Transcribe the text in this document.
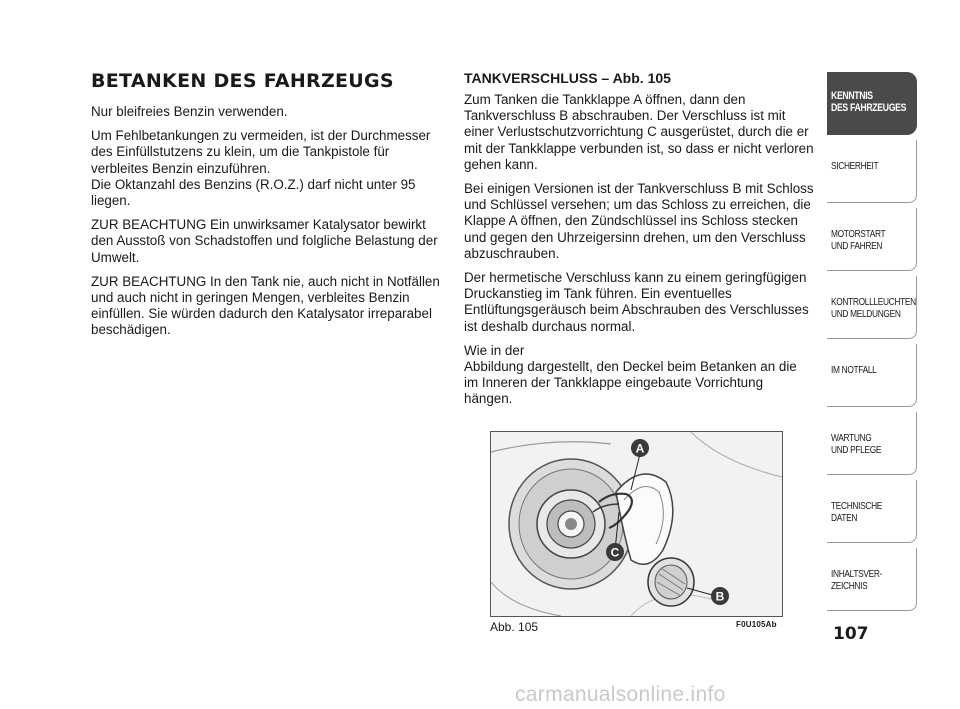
BETANKEN DES FAHRZEUGS

Nur bleifreies Benzin verwenden.

Um Fehlbetankungen zu vermeiden, ist der Durchmesser des Einfüllstutzens zu klein, um die Tankpistole für verbleites Benzin einzuführen.
Die Oktanzahl des Benzins (R.O.Z.) darf nicht unter 95 liegen.

ZUR BEACHTUNG Ein unwirksamer Katalysator bewirkt den Ausstoß von Schadstoffen und folgliche Belastung der Umwelt.

ZUR BEACHTUNG In den Tank nie, auch nicht in Notfällen und auch nicht in geringen Mengen, verbleites Benzin einfüllen. Sie würden dadurch den Katalysator irreparabel beschädigen.

TANKVERSCHLUSS – Abb. 105

Zum Tanken die Tankklappe A öffnen, dann den Tankverschluss B abschrauben. Der Verschluss ist mit einer Verlustschutzvorrichtung C ausgerüstet, durch die er mit der Tankklappe verbunden ist, so dass er nicht verloren gehen kann.

Bei einigen Versionen ist der Tankverschluss B mit Schloss und Schlüssel versehen; um das Schloss zu erreichen, die Klappe A öffnen, den Zündschlüssel ins Schloss stecken und gegen den Uhrzeigersinn drehen, um den Verschluss abzuschrauben.

Der hermetische Verschluss kann zu einem geringfügigen Druckanstieg im Tank führen. Ein eventuelles Entlüftungsgeräusch beim Abschrauben des Verschlusses ist deshalb durchaus normal.

Wie in der
Abbildung dargestellt, den Deckel beim Betanken an die im Inneren der Tankklappe eingebaute Vorrichtung hängen.

A
C
B
Abb. 105	F0U105Ab
KENNTNIS
DES FAHRZEUGES
SICHERHEIT
MOTORSTART
UND FAHREN
KONTROLLLEUCHTEN
UND MELDUNGEN
IM NOTFALL
WARTUNG
UND PFLEGE
TECHNISCHE
DATEN
INHALTSVER-
ZEICHNIS
107
carmanualsonline.info
